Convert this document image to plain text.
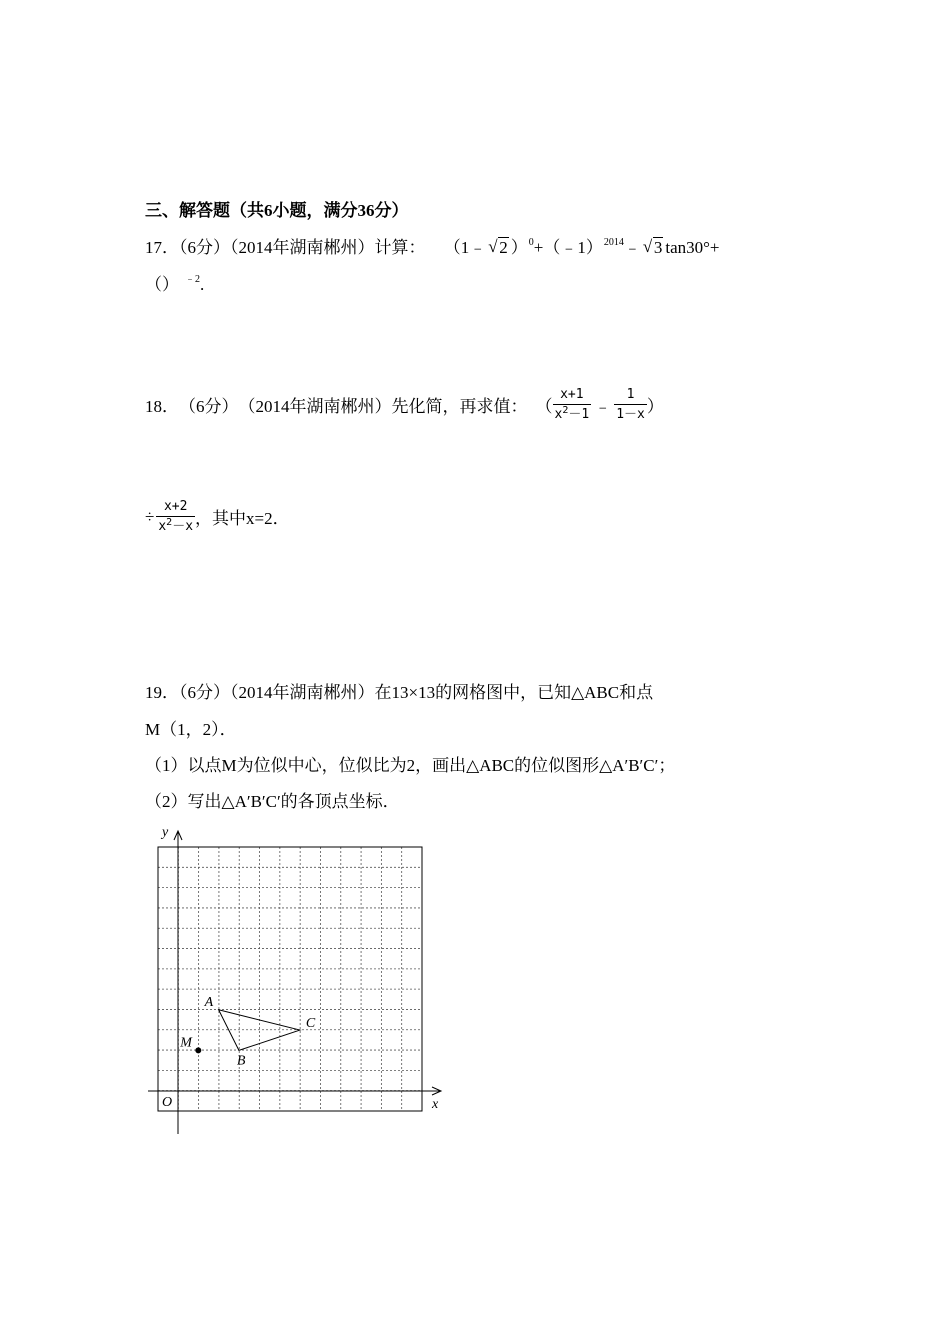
三、解答题（共6小题，满分36分）
17．（6分）（2014年湖南郴州）计算： （1﹣ √ 2 ）$^0$+（﹣1）$^{2014}$﹣ √ 3 tan30°+
（） $^{﹣2}$.
18． （6分） （2014年湖南郴州）先化简，再求值： （ $\frac{x+1}{x^2-1}$ ﹣ $\frac{1}{1-x}$ ）
÷ $\frac{x+2}{x^2-x}$ ，其中x=2．
19．（6分）（2014年湖南郴州）在13×13的网格图中，已知△ABC和点
M（1，2）．
（1）以点M为位似中心，位似比为2，画出△ABC的位似图形△A′B′C′；
（2）写出△A′B′C′的各顶点坐标．
x
y
O
A
B
C
M
